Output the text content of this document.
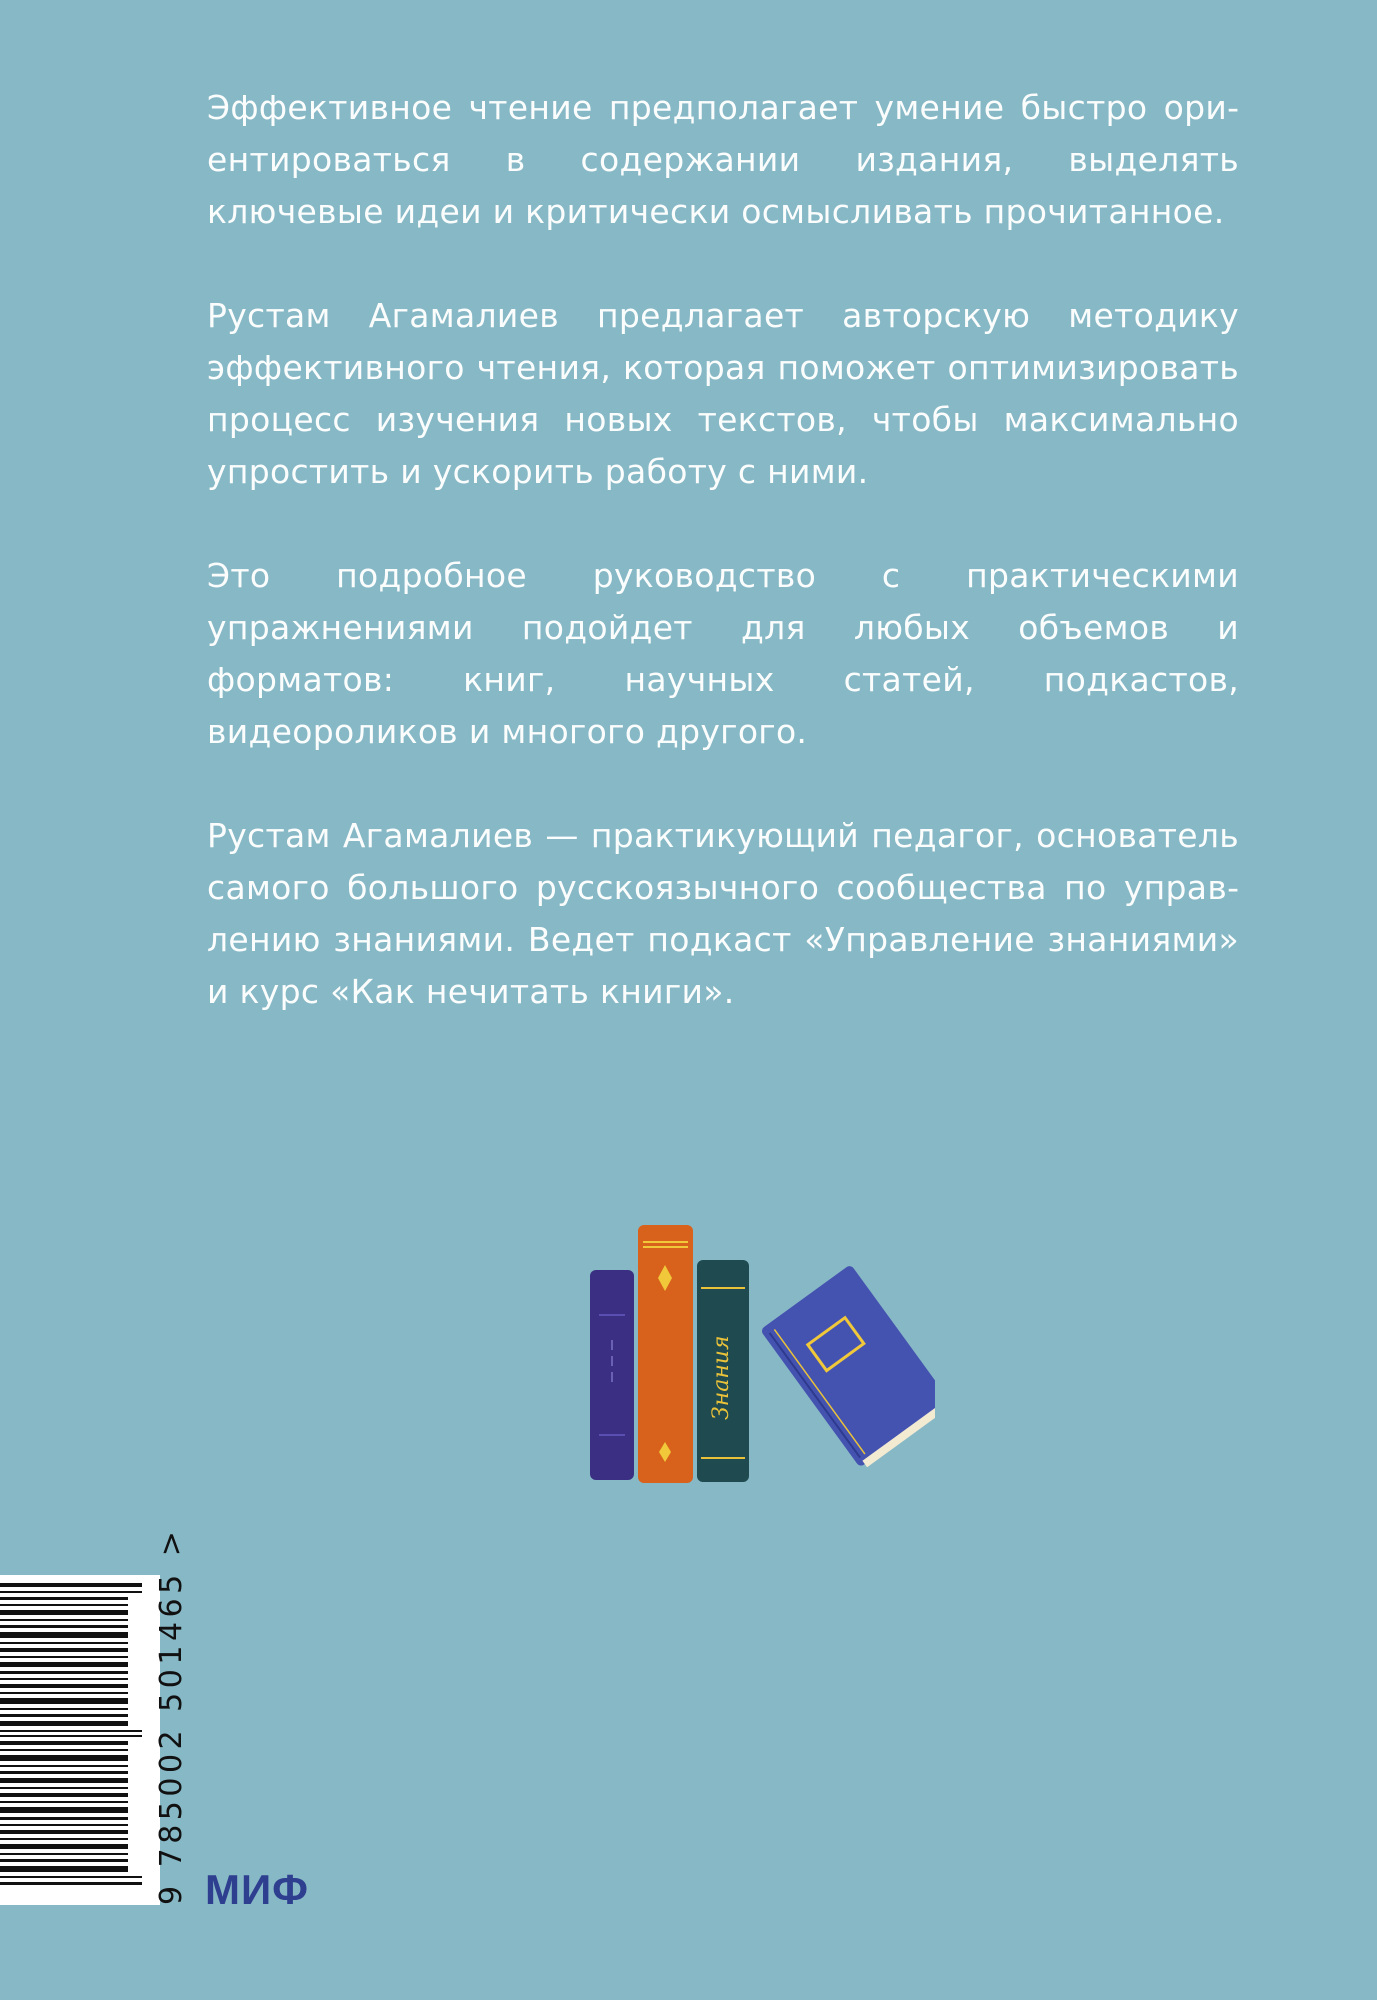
Эффективное чтение предполагает умение быстро ориентироваться в содержании издания, выделять ключевые идеи и критически осмысливать прочитанное.

Рустам Агамалиев предлагает авторскую методику эффективного чтения, которая поможет оптимизировать процесс изучения новых текстов, чтобы максимально упростить и ускорить работу с ними.

Это подробное руководство с практическими упражнениями подойдет для любых объемов и форматов: книг, научных статей, подкастов, видеороликов и многого другого.

Рустам Агамалиев — практикующий педагог, основатель самого большого русскоязычного сообщества по управлению знаниями. Ведет подкаст «Управление знаниями» и курс «Как нечитать книги».

Знания
9 785002 501465 > МИФ
